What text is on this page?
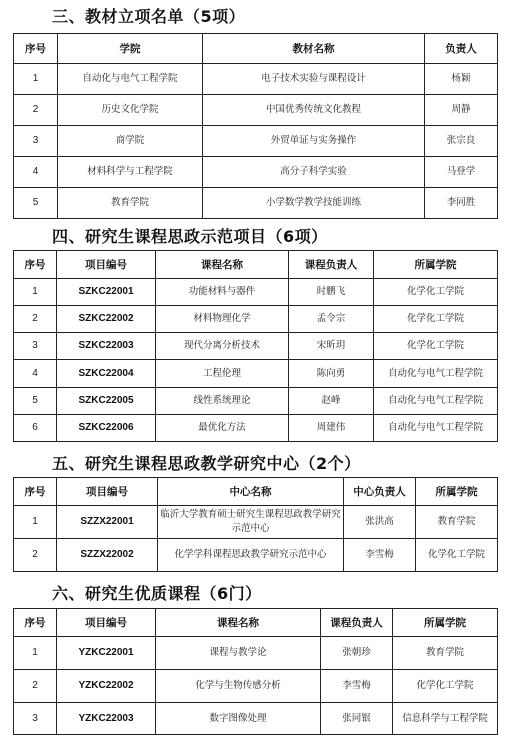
三、教材立项名单（5项）
序号	学院	教材名称	负责人
1	自动化与电气工程学院	电子技术实验与课程设计	杨颖
2	历史文化学院	中国优秀传统文化教程	周静
3	商学院	外贸单证与实务操作	张宗良
4	材料科学与工程学院	高分子科学实验	马登学
5	教育学院	小学数学教学技能训练	李同胜
四、研究生课程思政示范项目（6项）
序号	项目编号	课程名称	课程负责人	所属学院
1	SZKC22001	功能材料与器件	时鹏飞	化学化工学院
2	SZKC22002	材料物理化学	孟令宗	化学化工学院
3	SZKC22003	现代分离分析技术	宋昕玥	化学化工学院
4	SZKC22004	工程伦理	陈向勇	自动化与电气工程学院
5	SZKC22005	线性系统理论	赵峰	自动化与电气工程学院
6	SZKC22006	最优化方法	周建伟	自动化与电气工程学院
五、研究生课程思政教学研究中心（2个）
序号	项目编号	中心名称	中心负责人	所属学院
1	SZZX22001	临沂大学教育硕士研究生课程思政教学研究示范中心	张洪高	教育学院
2	SZZX22002	化学学科课程思政教学研究示范中心	李雪梅	化学化工学院
六、研究生优质课程（6门）
序号	项目编号	课程名称	课程负责人	所属学院
1	YZKC22001	课程与教学论	张朝珍	教育学院
2	YZKC22002	化学与生物传感分析	李雪梅	化学化工学院
3	YZKC22003	数字图像处理	张同银	信息科学与工程学院
